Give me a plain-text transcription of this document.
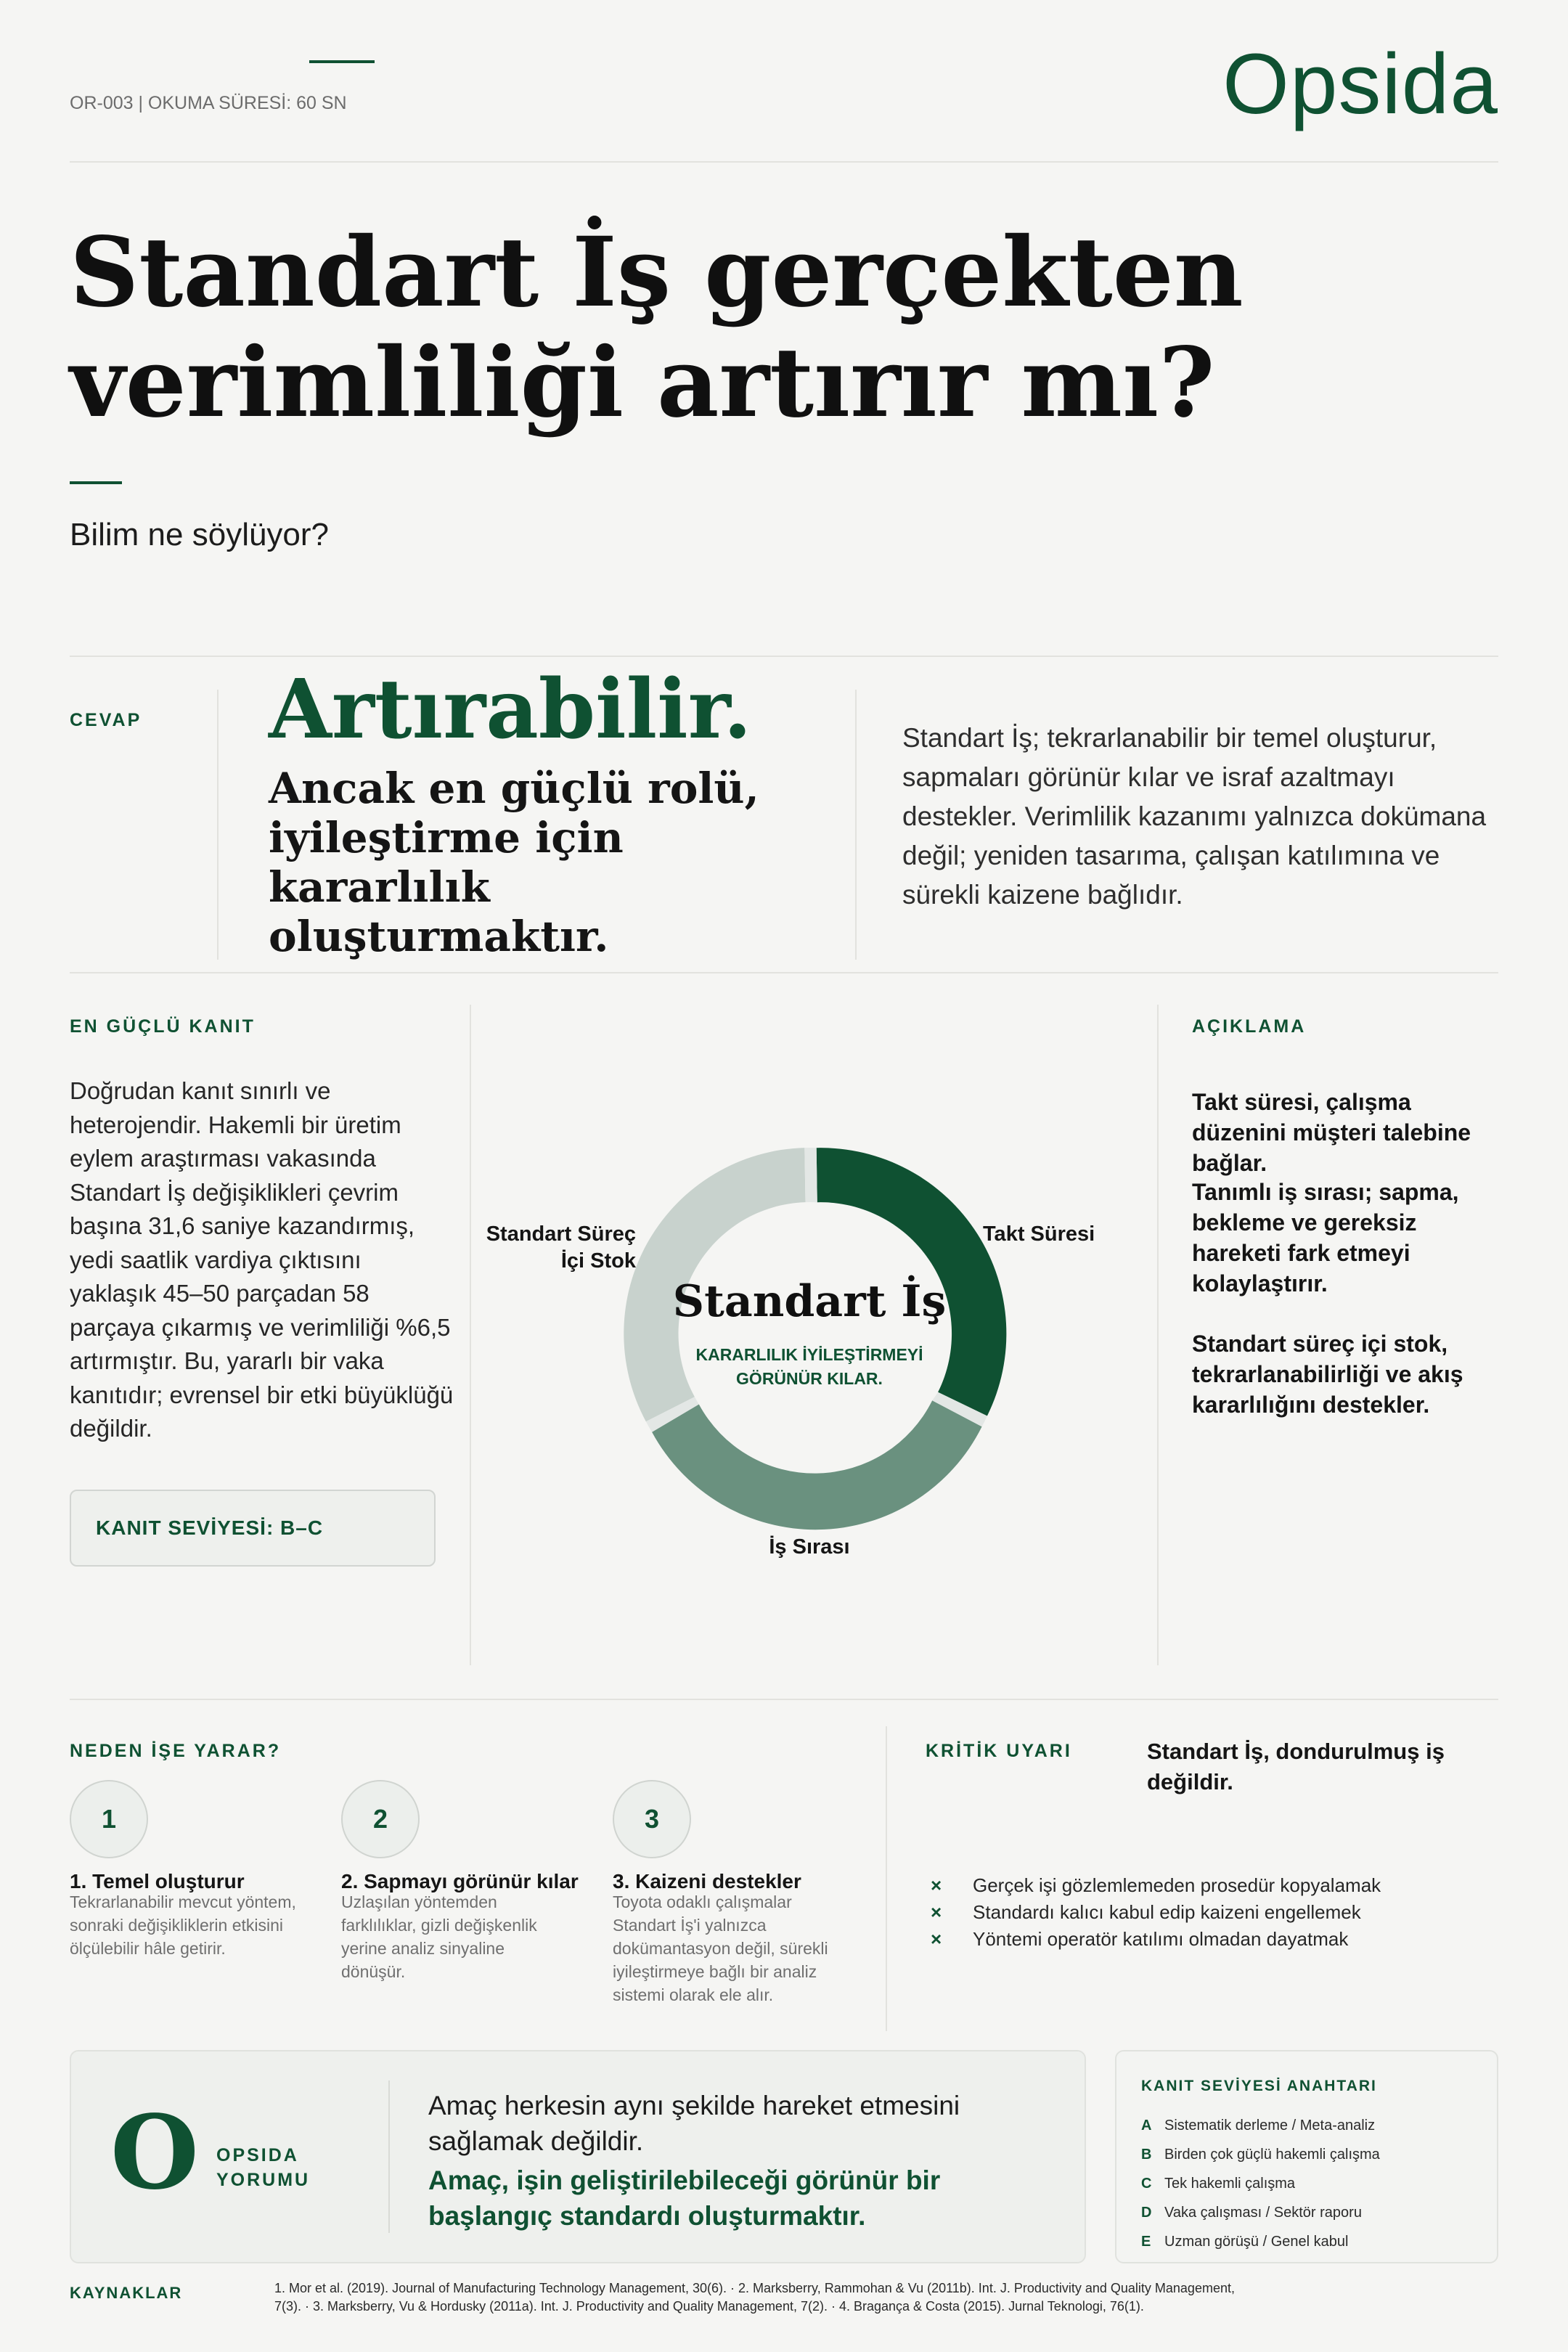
OR-003 | OKUMA SÜRESİ: 60 SN	Opsida
Standart İş gerçekten
verimliliği artırır mı?
Bilim ne söylüyor?
CEVAP Artırabilir.
Ancak en güçlü rolü, iyileştirme için kararlılık oluşturmaktır.
Standart İş; tekrarlanabilir bir temel oluşturur, sapmaları görünür kılar ve israf azaltmayı destekler. Verimlilik kazanımı yalnızca dokümana değil; yeniden tasarıma, çalışan katılımına ve sürekli kaizene bağlıdır.
EN GÜÇLÜ KANIT
Doğrudan kanıt sınırlı ve heterojendir. Hakemli bir üretim eylem araştırması vakasında Standart İş değişiklikleri çevrim başına 31,6 saniye kazandırmış, yedi saatlik vardiya çıktısını yaklaşık 45–50 parçadan 58 parçaya çıkarmış ve verimliliği %6,5 artırmıştır. Bu, yararlı bir vaka kanıtıdır; evrensel bir etki büyüklüğü değildir.
KANIT SEVİYESİ: B–C
Standart İş
KARARLILIK İYİLEŞTİRMEYİ
GÖRÜNÜR KILAR.
Takt Süresi
İş Sırası
Standart Süreç
İçi Stok
AÇIKLAMA
Takt süresi, çalışma düzenini müşteri talebine bağlar.
Tanımlı iş sırası; sapma, bekleme ve gereksiz hareketi fark etmeyi kolaylaştırır.
Standart süreç içi stok, tekrarlanabilirliği ve akış kararlılığını destekler.
NEDEN İŞE YARAR?
1
1. Temel oluşturur
Tekrarlanabilir mevcut yöntem, sonraki değişikliklerin etkisini ölçülebilir hâle getirir.
2
2. Sapmayı görünür kılar
Uzlaşılan yöntemden farklılıklar, gizli değişkenlik yerine analiz sinyaline dönüşür.
3
3. Kaizeni destekler
Toyota odaklı çalışmalar Standart İş'i yalnızca dokümantasyon değil, sürekli iyileştirmeye bağlı bir analiz sistemi olarak ele alır.
KRİTİK UYARI	Standart İş, dondurulmuş iş değildir.
× Gerçek işi gözlemlemeden prosedür kopyalamak
× Standardı kalıcı kabul edip kaizeni engellemek
× Yöntemi operatör katılımı olmadan dayatmak
O OPSIDA
YORUMU
Amaç herkesin aynı şekilde hareket etmesini sağlamak değildir.
Amaç, işin geliştirilebileceği görünür bir başlangıç standardı oluşturmaktır.
KANIT SEVİYESİ ANAHTARI
A Sistematik derleme / Meta-analiz
B Birden çok güçlü hakemli çalışma
C Tek hakemli çalışma
D Vaka çalışması / Sektör raporu
E Uzman görüşü / Genel kabul
KAYNAKLAR	1. Mor et al. (2019). Journal of Manufacturing Technology Management, 30(6). · 2. Marksberry, Rammohan & Vu (2011b). Int. J. Productivity and Quality Management, 7(3). · 3. Marksberry, Vu & Hordusky (2011a). Int. J. Productivity and Quality Management, 7(2). · 4. Bragança & Costa (2015). Jurnal Teknologi, 76(1).
